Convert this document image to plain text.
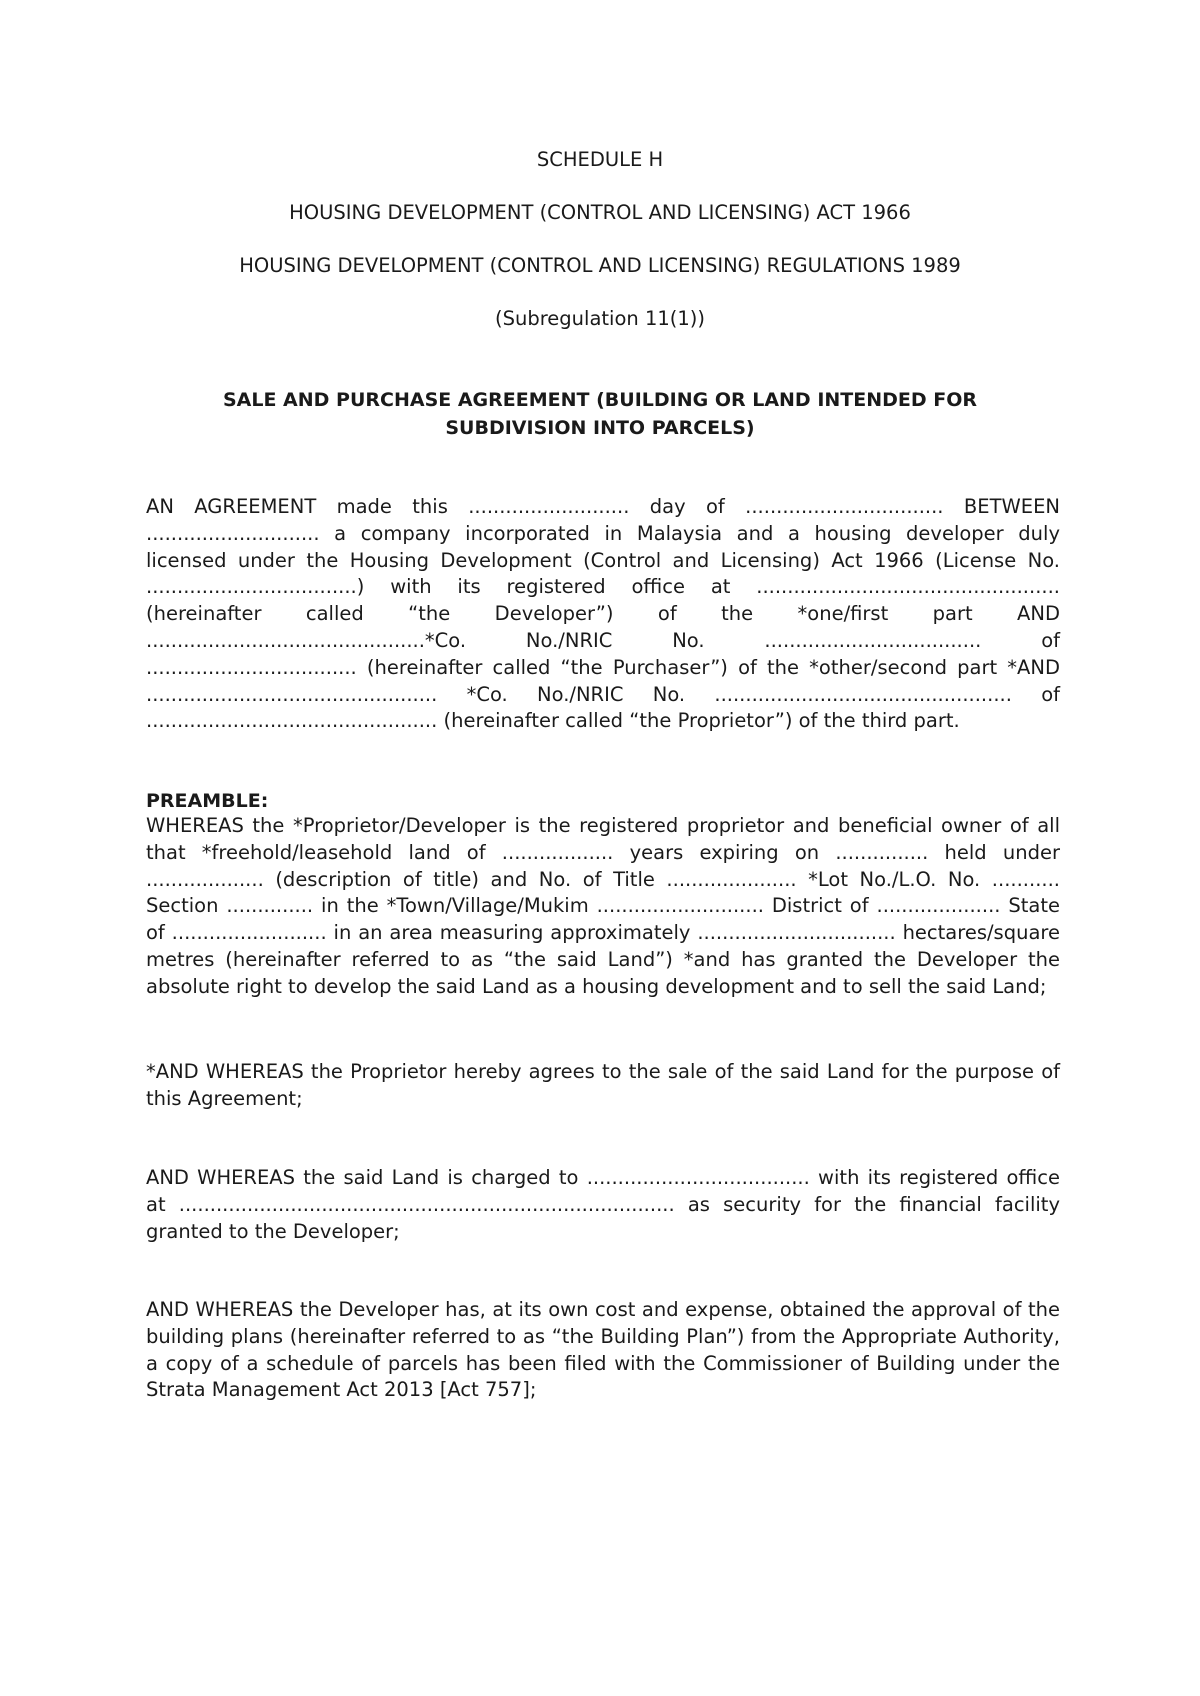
SCHEDULE H
HOUSING DEVELOPMENT (CONTROL AND LICENSING) ACT 1966
HOUSING DEVELOPMENT (CONTROL AND LICENSING) REGULATIONS 1989
(Subregulation 11(1))
SALE AND PURCHASE AGREEMENT (BUILDING OR LAND INTENDED FOR
SUBDIVISION INTO PARCELS)
AN AGREEMENT made this .......................... day of ................................ BETWEEN ............................ a company incorporated in Malaysia and a housing developer duly licensed under the Housing Development (Control and Licensing) Act 1966 (License No. ..................................) with its registered office at ................................................. (hereinafter called “the Developer”) of the *one/first part AND .............................................*Co. No./NRIC No. ................................... of .................................. (hereinafter called “the Purchaser”) of the *other/second part *AND ............................................... *Co. No./NRIC No. ................................................ of ............................................... (hereinafter called “the Proprietor”) of the third part.
PREAMBLE:
WHEREAS the *Proprietor/Developer is the registered proprietor and beneficial owner of all that *freehold/leasehold land of .................. years expiring on ............... held under ................... (description of title) and No. of Title ..................... *Lot No./L.O. No. ........... Section .............. in the *Town/Village/Mukim ........................... District of .................... State of ......................... in an area measuring approximately ................................ hectares/square metres (hereinafter referred to as “the said Land”) *and has granted the Developer the absolute right to develop the said Land as a housing development and to sell the said Land;
*AND WHEREAS the Proprietor hereby agrees to the sale of the said Land for the purpose of this Agreement;
AND WHEREAS the said Land is charged to .................................... with its registered office at ................................................................................ as security for the financial facility granted to the Developer;
AND WHEREAS the Developer has, at its own cost and expense, obtained the approval of the building plans (hereinafter referred to as “the Building Plan”) from the Appropriate Authority, a copy of a schedule of parcels has been filed with the Commissioner of Building under the Strata Management Act 2013 [Act 757];
